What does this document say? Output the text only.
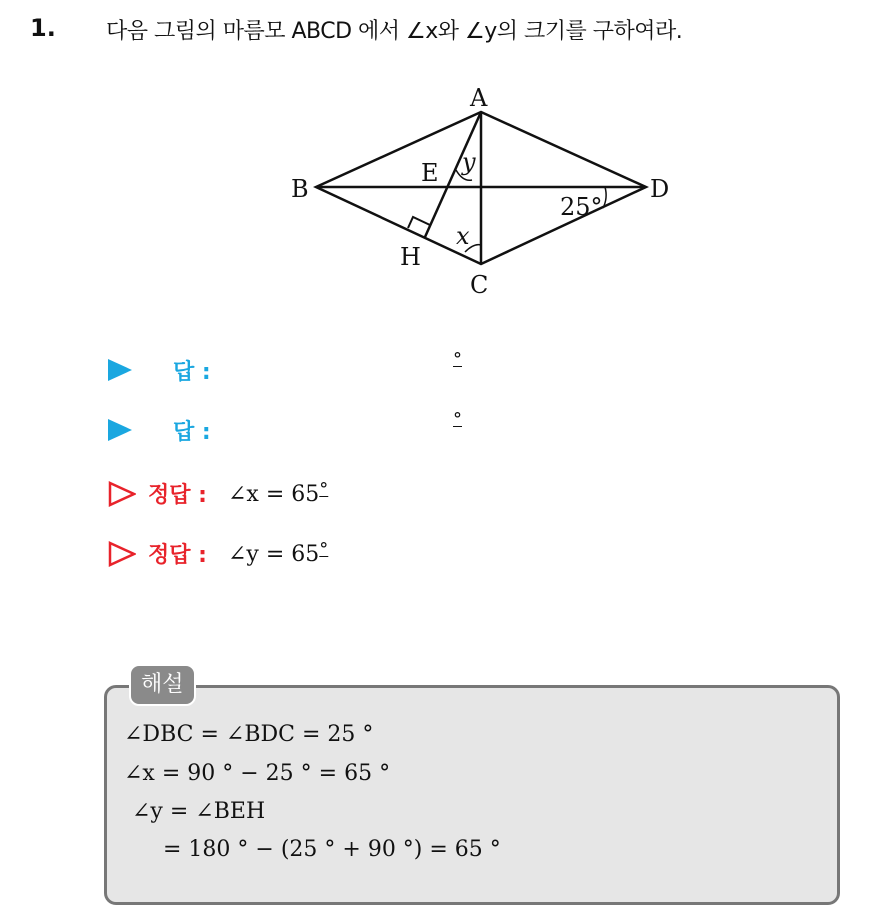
1. 다음 그림의 마름모 ABCD 에서 ∠x와 ∠y의 크기를 구하여라.
A
B
C
D
E
H
x
y
25°
답 :	°
답 :	°
정답 : ∠x = 65°
정답 : ∠y = 65°
해설
∠DBC = ∠BDC = 25 °
∠x = 90 ° − 25 ° = 65 °
∠y = ∠BEH
= 180 ° − (25 ° + 90 °) = 65 °
